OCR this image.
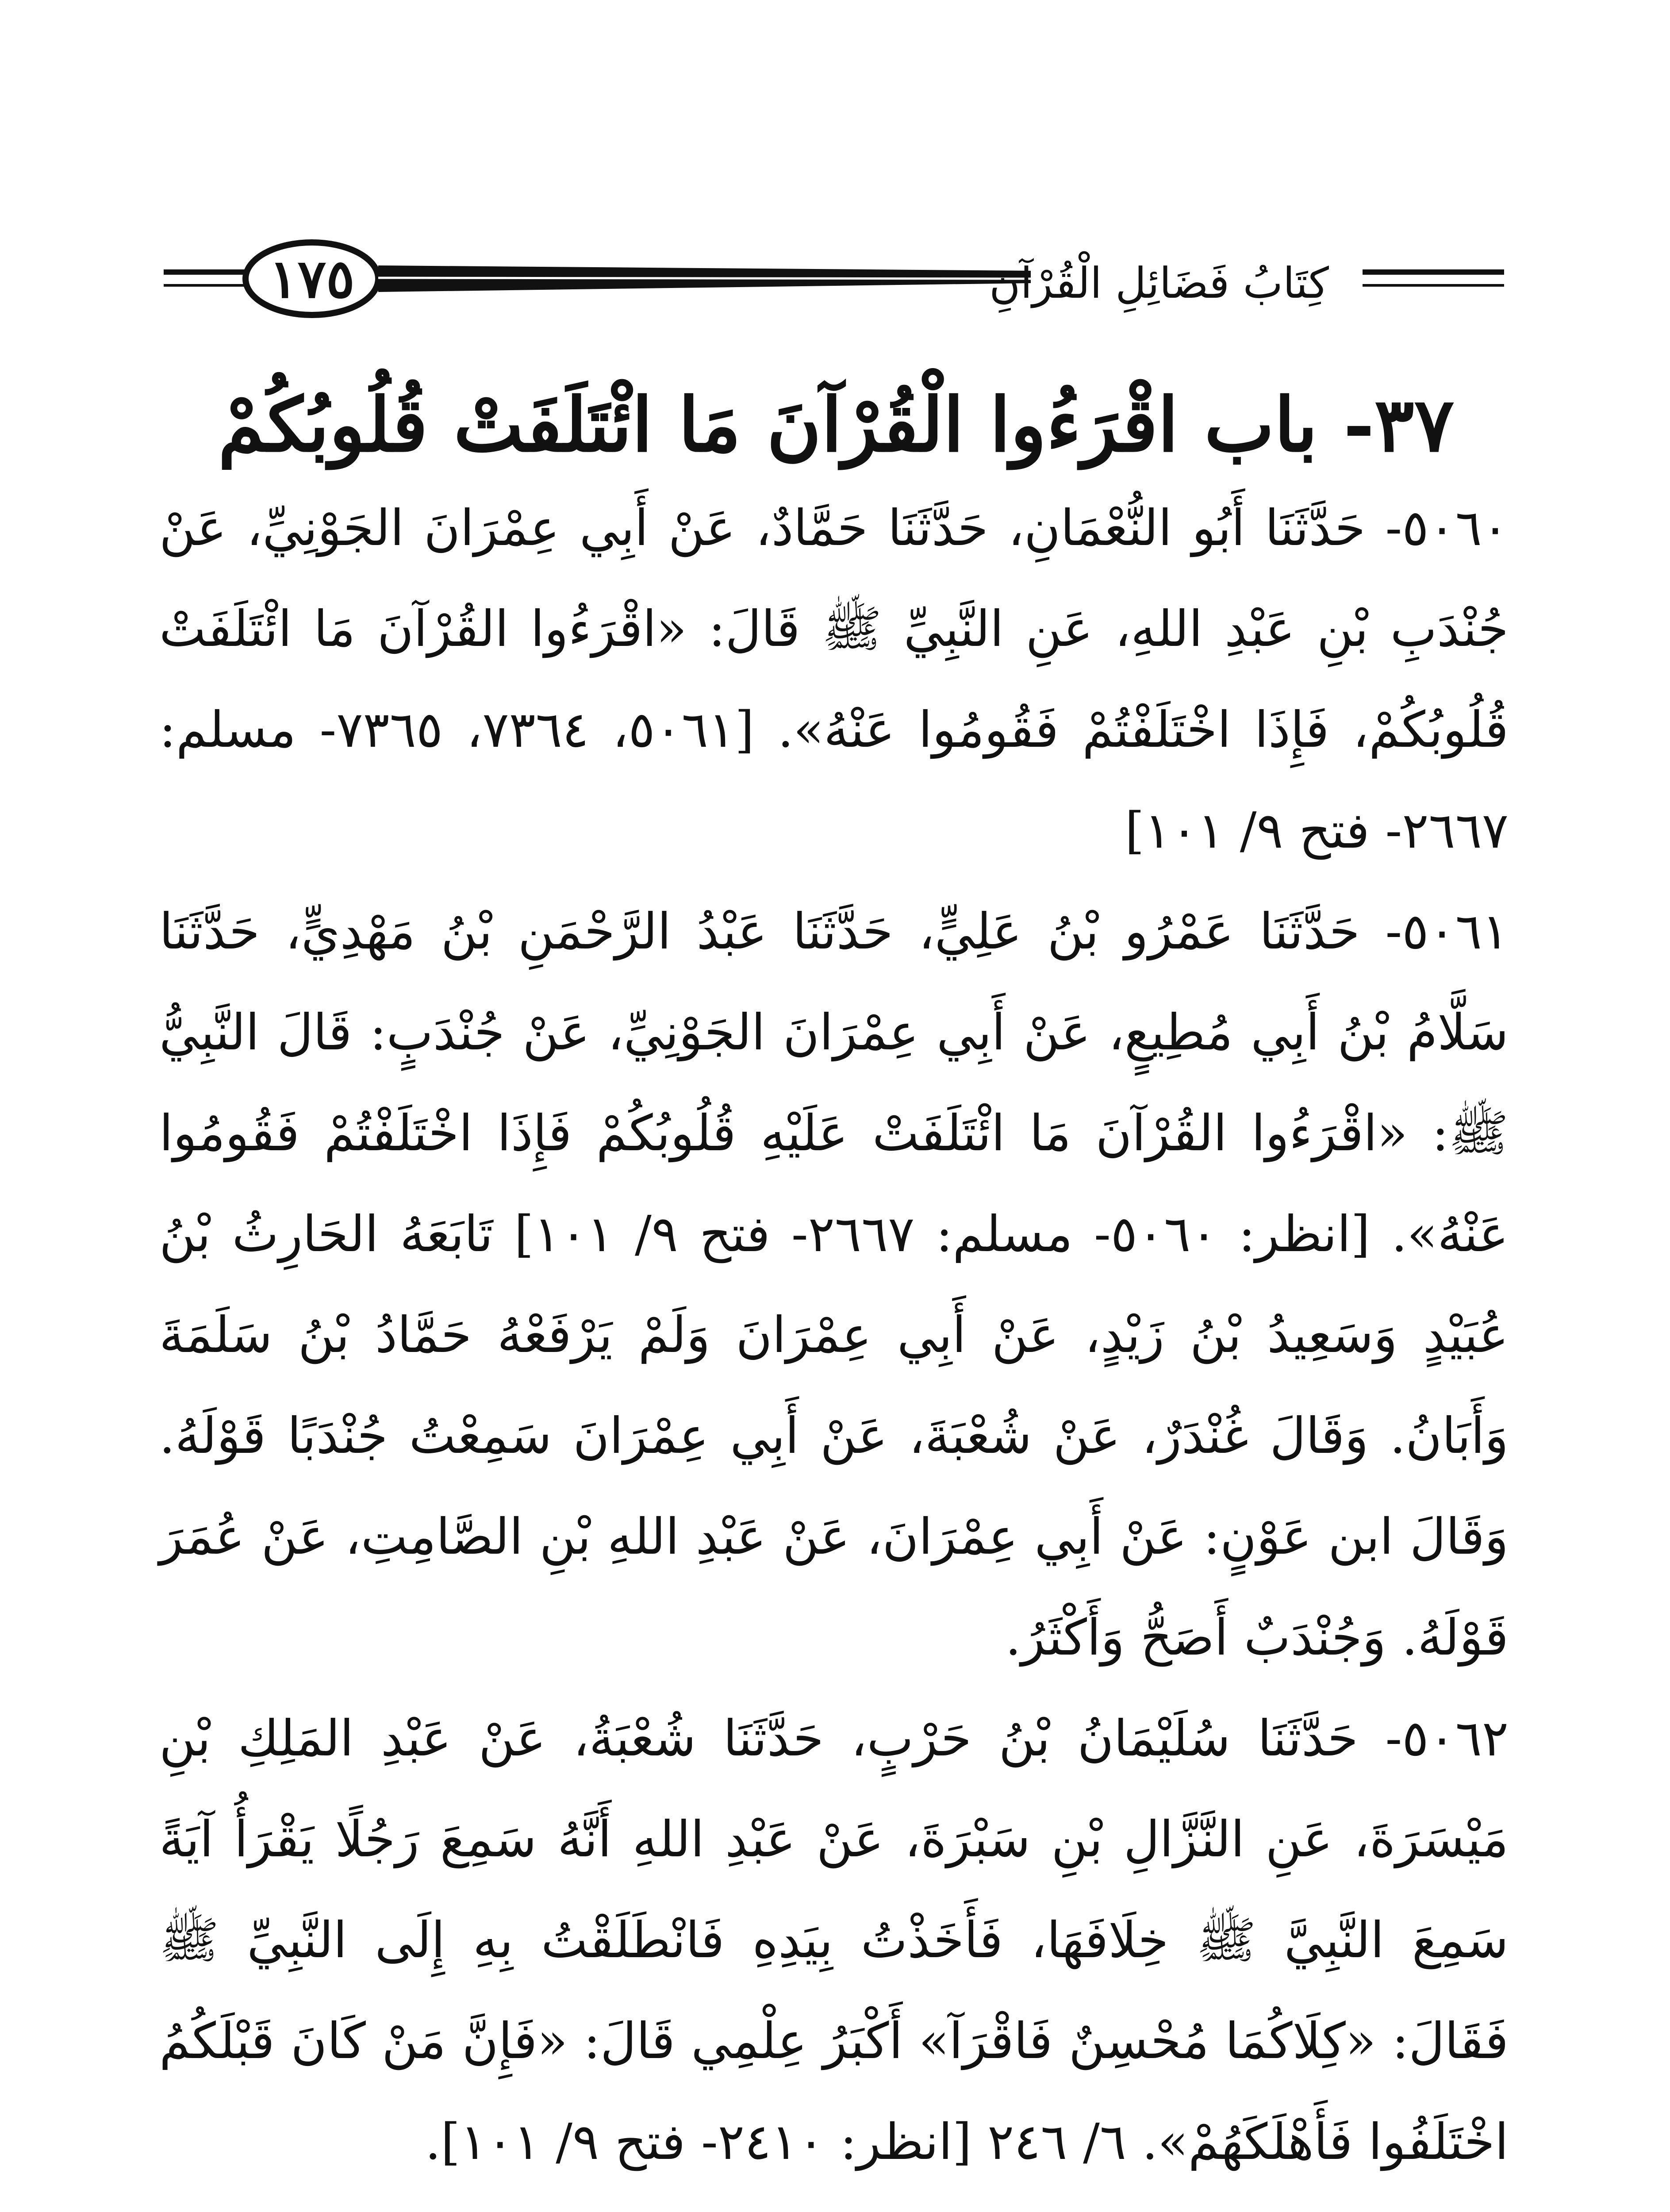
١٧٥	كِتَابُ فَضَائِلِ الْقُرْآنِ
٣٧- باب اقْرَءُوا الْقُرْآنَ مَا ائْتَلَفَتْ قُلُوبُكُمْ

٥٠٦٠- حَدَّثَنَا أَبُو النُّعْمَانِ، حَدَّثَنَا حَمَّادٌ، عَنْ أَبِي عِمْرَانَ الجَوْنِيِّ، عَنْ جُنْدَبِ بْنِ عَبْدِ اللهِ، عَنِ النَّبِيِّ ﷺ قَالَ: «اقْرَءُوا القُرْآنَ مَا ائْتَلَفَتْ قُلُوبُكُمْ، فَإِذَا اخْتَلَفْتُمْ فَقُومُوا عَنْهُ». [٥٠٦١، ٧٣٦٤، ٧٣٦٥- مسلم: ٢٦٦٧- فتح ٩/ ١٠١]

٥٠٦١- حَدَّثَنَا عَمْرُو بْنُ عَلِيٍّ، حَدَّثَنَا عَبْدُ الرَّحْمَنِ بْنُ مَهْدِيٍّ، حَدَّثَنَا سَلَّامُ بْنُ أَبِي مُطِيعٍ، عَنْ أَبِي عِمْرَانَ الجَوْنِيِّ، عَنْ جُنْدَبٍ: قَالَ النَّبِيُّ ﷺ: «اقْرَءُوا القُرْآنَ مَا ائْتَلَفَتْ عَلَيْهِ قُلُوبُكُمْ فَإِذَا اخْتَلَفْتُمْ فَقُومُوا عَنْهُ». [انظر: ٥٠٦٠- مسلم: ٢٦٦٧- فتح ٩/ ١٠١] تَابَعَهُ الحَارِثُ بْنُ عُبَيْدٍ وَسَعِيدُ بْنُ زَيْدٍ، عَنْ أَبِي عِمْرَانَ وَلَمْ يَرْفَعْهُ حَمَّادُ بْنُ سَلَمَةَ وَأَبَانُ. وَقَالَ غُنْدَرٌ، عَنْ شُعْبَةَ، عَنْ أَبِي عِمْرَانَ سَمِعْتُ جُنْدَبًا قَوْلَهُ. وَقَالَ ابن عَوْنٍ: عَنْ أَبِي عِمْرَانَ، عَنْ عَبْدِ اللهِ بْنِ الصَّامِتِ، عَنْ عُمَرَ قَوْلَهُ. وَجُنْدَبٌ أَصَحُّ وَأَكْثَرُ.

٥٠٦٢- حَدَّثَنَا سُلَيْمَانُ بْنُ حَرْبٍ، حَدَّثَنَا شُعْبَةُ، عَنْ عَبْدِ المَلِكِ بْنِ مَيْسَرَةَ، عَنِ النَّزَّالِ بْنِ سَبْرَةَ، عَنْ عَبْدِ اللهِ أَنَّهُ سَمِعَ رَجُلًا يَقْرَأُ آيَةً سَمِعَ النَّبِيَّ ﷺ خِلَافَهَا، فَأَخَذْتُ بِيَدِهِ فَانْطَلَقْتُ بِهِ إِلَى النَّبِيِّ ﷺ فَقَالَ: «كِلَاكُمَا مُحْسِنٌ فَاقْرَآ» أَكْبَرُ عِلْمِي قَالَ: «فَإِنَّ مَنْ كَانَ قَبْلَكُمُ اخْتَلَفُوا فَأَهْلَكَهُمْ». ٦/ ٢٤٦ [انظر: ٢٤١٠- فتح ٩/ ١٠١].
